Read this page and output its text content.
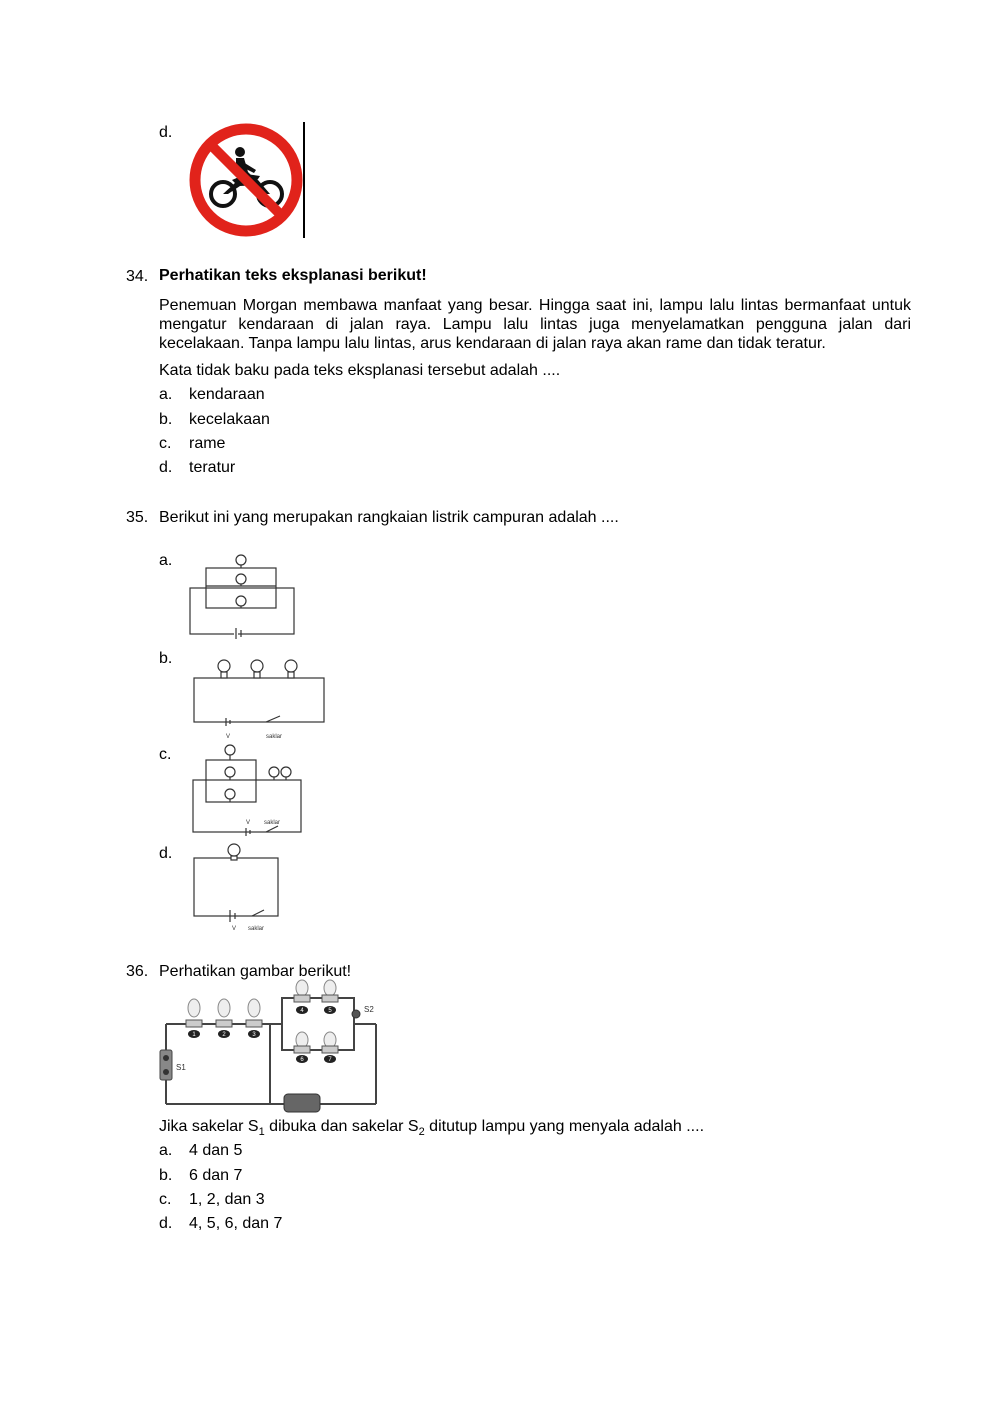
d.
34. Perhatikan teks eksplanasi berikut!
Penemuan Morgan membawa manfaat yang besar. Hingga saat ini, lampu lalu lintas bermanfaat untuk mengatur kendaraan di jalan raya. Lampu lalu lintas juga menyelamatkan pengguna jalan dari kecelakaan. Tanpa lampu lalu lintas, arus kendaraan di jalan raya akan rame dan tidak teratur.
Kata tidak baku pada teks eksplanasi tersebut adalah ....
a. kendaraan
b. kecelakaan
c. rame
d. teratur
35. Berikut ini yang merupakan rangkaian listrik campuran adalah ....
a.
b.
V	saklar
c.
V saklar
d.
V saklar
36. Perhatikan gambar berikut!
S1
S2
1	2	3
4	5
6	7
Jika sakelar $S_1$ dibuka dan sakelar $S_2$ ditutup lampu yang menyala adalah ....
a. 4 dan 5
b. 6 dan 7
c. 1, 2, dan 3
d. 4, 5, 6, dan 7
